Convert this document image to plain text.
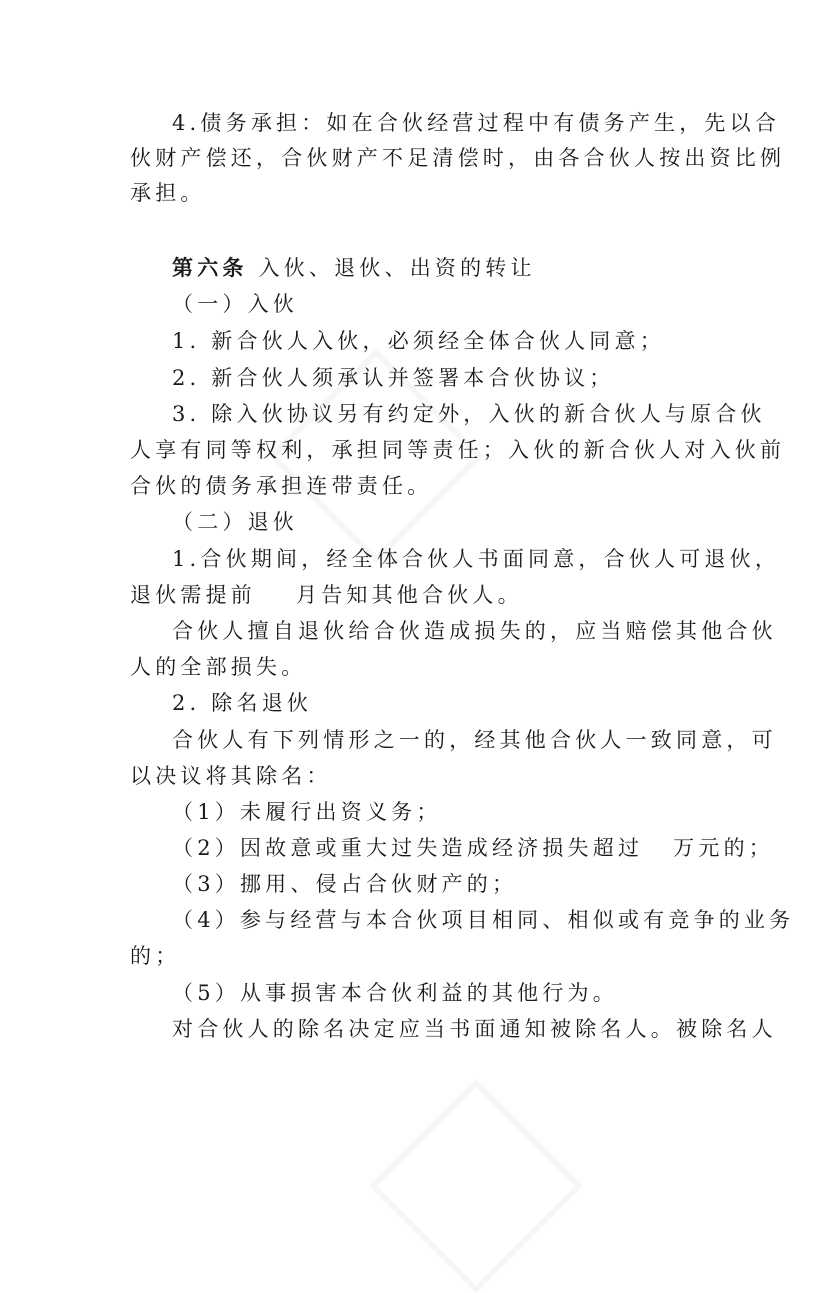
4.债务承担：如在合伙经营过程中有债务产生，先以合
伙财产偿还，合伙财产不足清偿时，由各合伙人按出资比例
承担。
第六条 入伙、退伙、出资的转让
（一）入伙
1. 新合伙人入伙，必须经全体合伙人同意；
2. 新合伙人须承认并签署本合伙协议；
3. 除入伙协议另有约定外，入伙的新合伙人与原合伙
人享有同等权利，承担同等责任；入伙的新合伙人对入伙前
合伙的债务承担连带责任。
（二）退伙
1.合伙期间，经全体合伙人书面同意，合伙人可退伙，
退伙需提前 月告知其他合伙人。
合伙人擅自退伙给合伙造成损失的，应当赔偿其他合伙
人的全部损失。
2. 除名退伙
合伙人有下列情形之一的，经其他合伙人一致同意，可
以决议将其除名：
（1）未履行出资义务；
（2）因故意或重大过失造成经济损失超过 万元的；
（3）挪用、侵占合伙财产的；
（4）参与经营与本合伙项目相同、相似或有竞争的业务
的；
（5）从事损害本合伙利益的其他行为。
对合伙人的除名决定应当书面通知被除名人。被除名人
